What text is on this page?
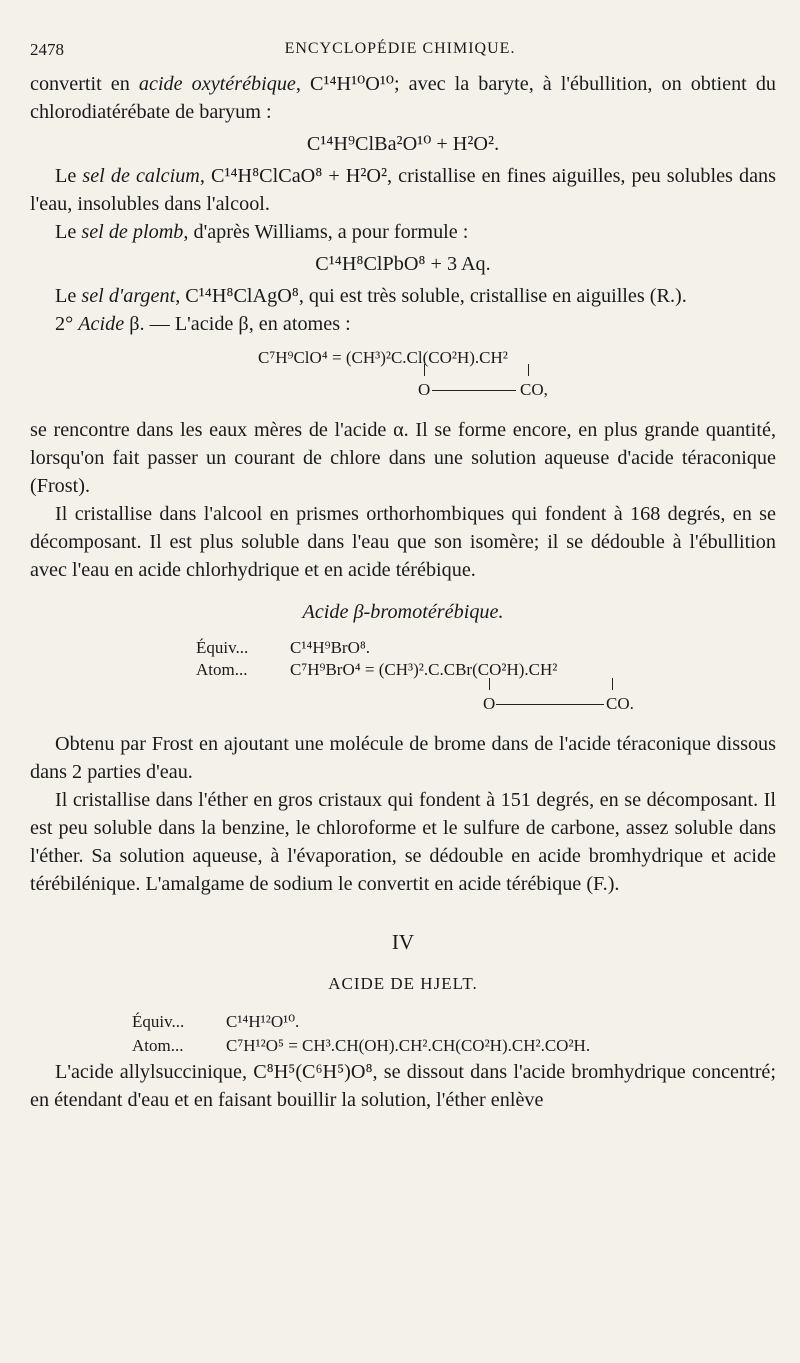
2478	ENCYCLOPÉDIE CHIMIQUE.

convertit en acide oxytérébique, C¹⁴H¹⁰O¹⁰; avec la baryte, à l'ébullition, on obtient du chlorodiatérébate de baryum :

C¹⁴H⁹ClBa²O¹⁰ + H²O².

Le sel de calcium, C¹⁴H⁸ClCaO⁸ + H²O², cristallise en fines aiguilles, peu solubles dans l'eau, insolubles dans l'alcool.

Le sel de plomb, d'après Williams, a pour formule :

C¹⁴H⁸ClPbO⁸ + 3 Aq.

Le sel d'argent, C¹⁴H⁸ClAgO⁸, qui est très soluble, cristallise en aiguilles (R.).

2° Acide β. — L'acide β, en atomes :

C⁷H⁹ClO⁴ = (CH³)²C.Cl(CO²H).CH²
O	CO,

se rencontre dans les eaux mères de l'acide α. Il se forme encore, en plus grande quantité, lorsqu'on fait passer un courant de chlore dans une solution aqueuse d'acide téraconique (Frost).

Il cristallise dans l'alcool en prismes orthorhombiques qui fondent à 168 degrés, en se décomposant. Il est plus soluble dans l'eau que son isomère; il se dédouble à l'ébullition avec l'eau en acide chlorhydrique et en acide térébique.

Acide β-bromotérébique.
Équiv... C¹⁴H⁹BrO⁸.
Atom...	C⁷H⁹BrO⁴ = (CH³)².C.CBr(CO²H).CH²
O	CO.

Obtenu par Frost en ajoutant une molécule de brome dans de l'acide téraconique dissous dans 2 parties d'eau.

Il cristallise dans l'éther en gros cristaux qui fondent à 151 degrés, en se décomposant. Il est peu soluble dans la benzine, le chloroforme et le sulfure de carbone, assez soluble dans l'éther. Sa solution aqueuse, à l'évaporation, se dédouble en acide bromhydrique et acide térébilénique. L'amalgame de sodium le convertit en acide térébique (F.).

IV
ACIDE DE HJELT.
Équiv... C¹⁴H¹²O¹⁰.
Atom...	C⁷H¹²O⁵ = CH³.CH(OH).CH².CH(CO²H).CH².CO²H.

L'acide allylsuccinique, C⁸H⁵(C⁶H⁵)O⁸, se dissout dans l'acide bromhydrique concentré; en étendant d'eau et en faisant bouillir la solution, l'éther enlève
